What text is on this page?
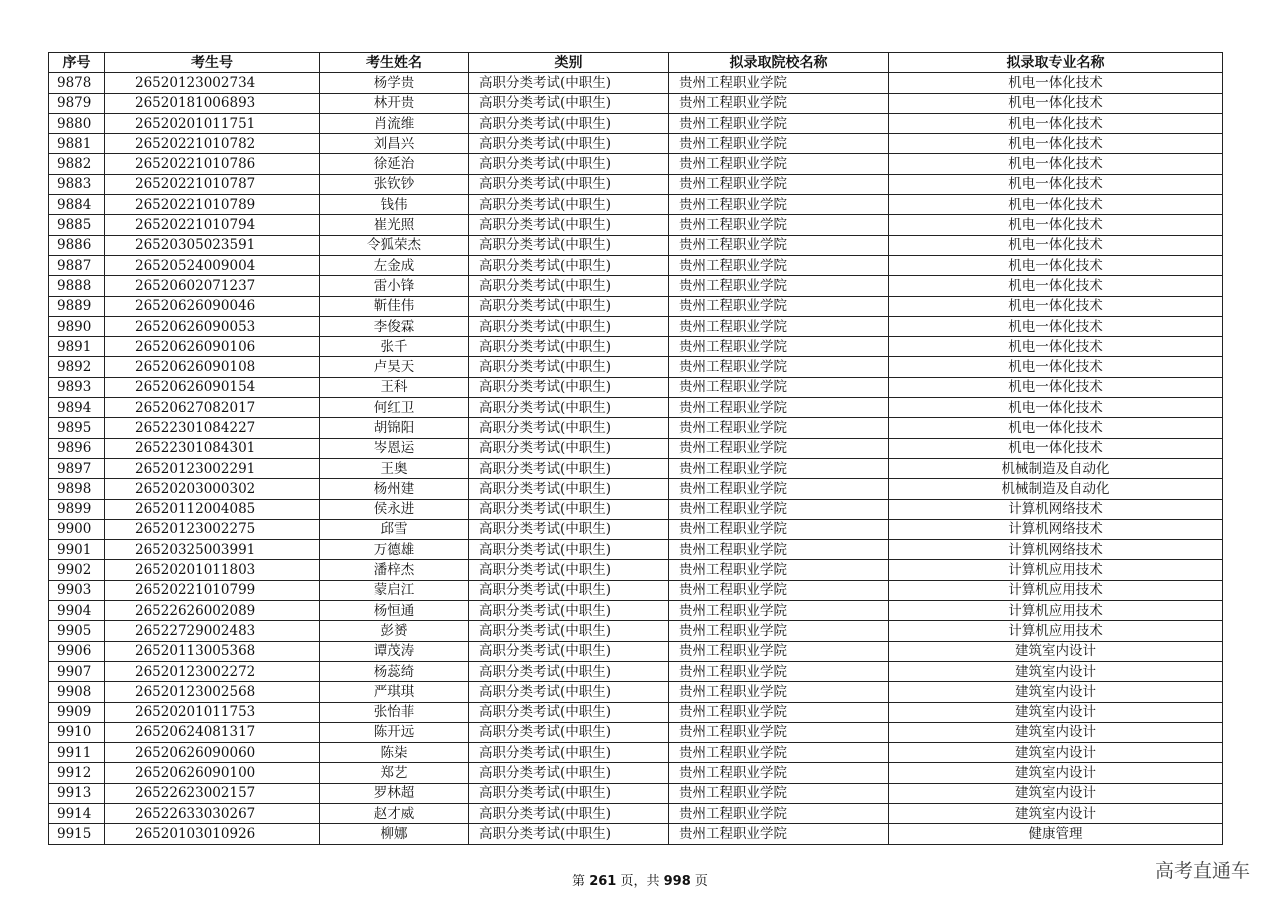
序号	考生号	考生姓名	类别	拟录取院校名称	拟录取专业名称
9878	26520123002734	杨学贵	高职分类考试(中职生)	贵州工程职业学院	机电一体化技术
9879	26520181006893	林开贵	高职分类考试(中职生)	贵州工程职业学院	机电一体化技术
9880	26520201011751	肖流维	高职分类考试(中职生)	贵州工程职业学院	机电一体化技术
9881	26520221010782	刘昌兴	高职分类考试(中职生)	贵州工程职业学院	机电一体化技术
9882	26520221010786	徐延治	高职分类考试(中职生)	贵州工程职业学院	机电一体化技术
9883	26520221010787	张钦钞	高职分类考试(中职生)	贵州工程职业学院	机电一体化技术
9884	26520221010789	钱伟	高职分类考试(中职生)	贵州工程职业学院	机电一体化技术
9885	26520221010794	崔光照	高职分类考试(中职生)	贵州工程职业学院	机电一体化技术
9886	26520305023591	令狐荣杰	高职分类考试(中职生)	贵州工程职业学院	机电一体化技术
9887	26520524009004	左金成	高职分类考试(中职生)	贵州工程职业学院	机电一体化技术
9888	26520602071237	雷小锋	高职分类考试(中职生)	贵州工程职业学院	机电一体化技术
9889	26520626090046	靳佳伟	高职分类考试(中职生)	贵州工程职业学院	机电一体化技术
9890	26520626090053	李俊霖	高职分类考试(中职生)	贵州工程职业学院	机电一体化技术
9891	26520626090106	张千	高职分类考试(中职生)	贵州工程职业学院	机电一体化技术
9892	26520626090108	卢昊天	高职分类考试(中职生)	贵州工程职业学院	机电一体化技术
9893	26520626090154	王科	高职分类考试(中职生)	贵州工程职业学院	机电一体化技术
9894	26520627082017	何红卫	高职分类考试(中职生)	贵州工程职业学院	机电一体化技术
9895	26522301084227	胡锦阳	高职分类考试(中职生)	贵州工程职业学院	机电一体化技术
9896	26522301084301	岑恩运	高职分类考试(中职生)	贵州工程职业学院	机电一体化技术
9897	26520123002291	王奥	高职分类考试(中职生)	贵州工程职业学院	机械制造及自动化
9898	26520203000302	杨州建	高职分类考试(中职生)	贵州工程职业学院	机械制造及自动化
9899	26520112004085	侯永进	高职分类考试(中职生)	贵州工程职业学院	计算机网络技术
9900	26520123002275	邱雪	高职分类考试(中职生)	贵州工程职业学院	计算机网络技术
9901	26520325003991	万德雄	高职分类考试(中职生)	贵州工程职业学院	计算机网络技术
9902	26520201011803	潘梓杰	高职分类考试(中职生)	贵州工程职业学院	计算机应用技术
9903	26520221010799	蒙启江	高职分类考试(中职生)	贵州工程职业学院	计算机应用技术
9904	26522626002089	杨恒通	高职分类考试(中职生)	贵州工程职业学院	计算机应用技术
9905	26522729002483	彭赟	高职分类考试(中职生)	贵州工程职业学院	计算机应用技术
9906	26520113005368	谭茂涛	高职分类考试(中职生)	贵州工程职业学院	建筑室内设计
9907	26520123002272	杨蕊绮	高职分类考试(中职生)	贵州工程职业学院	建筑室内设计
9908	26520123002568	严琪琪	高职分类考试(中职生)	贵州工程职业学院	建筑室内设计
9909	26520201011753	张怡菲	高职分类考试(中职生)	贵州工程职业学院	建筑室内设计
9910	26520624081317	陈开远	高职分类考试(中职生)	贵州工程职业学院	建筑室内设计
9911	26520626090060	陈柒	高职分类考试(中职生)	贵州工程职业学院	建筑室内设计
9912	26520626090100	郑艺	高职分类考试(中职生)	贵州工程职业学院	建筑室内设计
9913	26522623002157	罗林超	高职分类考试(中职生)	贵州工程职业学院	建筑室内设计
9914	26522633030267	赵才威	高职分类考试(中职生)	贵州工程职业学院	建筑室内设计
9915	26520103010926	柳娜	高职分类考试(中职生)	贵州工程职业学院	健康管理
第 261 页，共 998 页	高考直通车
